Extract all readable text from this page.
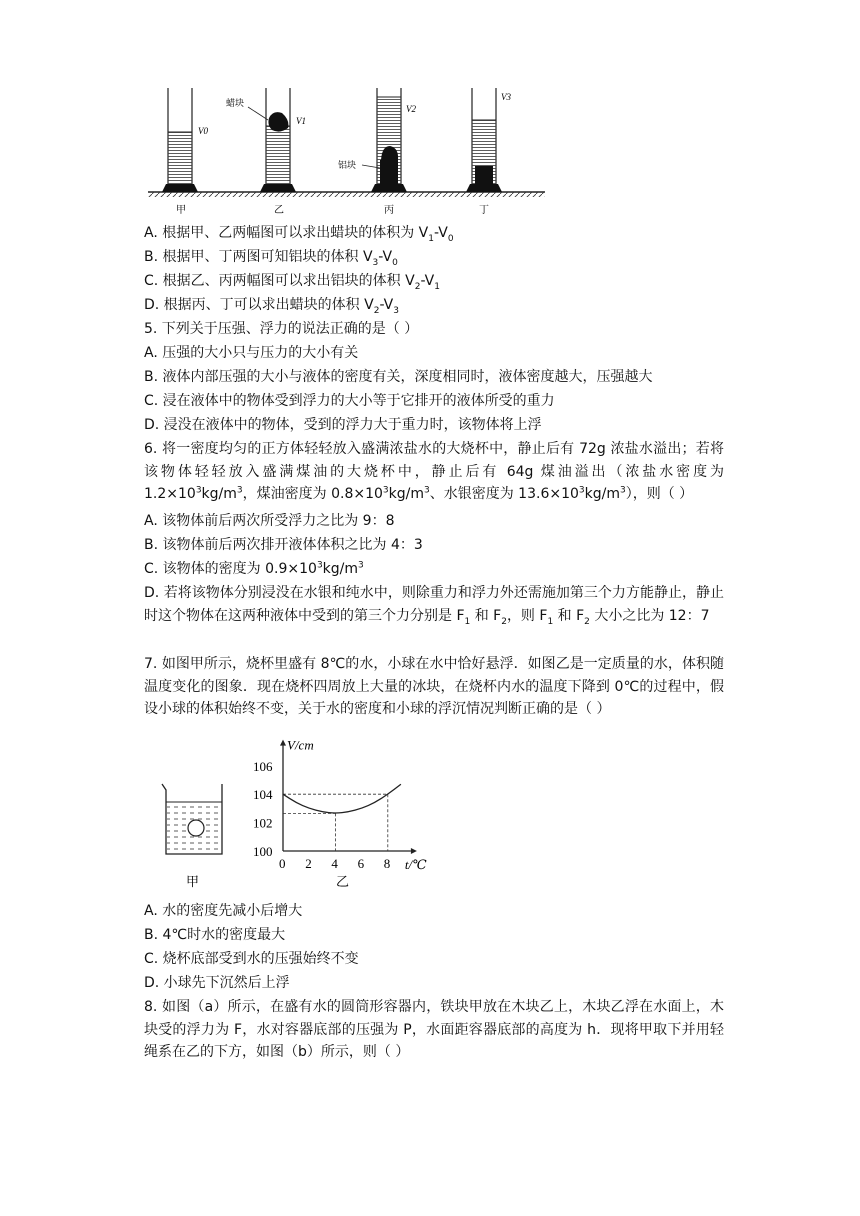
V0
蜡块
V1
铝块
V2
V3
甲	乙	丙	丁
A. 根据甲、乙两幅图可以求出蜡块的体积为 $V_1-V_0$
B. 根据甲、丁两图可知铝块的体积 $V_3-V_0$
C. 根据乙、丙两幅图可以求出铝块的体积 $V_2-V_1$
D. 根据丙、丁可以求出蜡块的体积 $V_2-V_3$
5. 下列关于压强、浮力的说法正确的是（ ）
A. 压强的大小只与压力的大小有关
B. 液体内部压强的大小与液体的密度有关，深度相同时，液体密度越大，压强越大
C. 浸在液体中的物体受到浮力的大小等于它排开的液体所受的重力
D. 浸没在液体中的物体，受到的浮力大于重力时，该物体将上浮
6. 将一密度均匀的正方体轻轻放入盛满浓盐水的大烧杯中，静止后有 72g 浓盐水溢出；若将该物体轻轻放入盛满煤油的大烧杯中，静止后有 64g 煤油溢出（浓盐水密度为 $1.2\times 10^3kg/m^3$，煤油密度为 $0.8\times 10^3kg/m^3$、水银密度为 $13.6\times 10^3kg/m^3$），则（ ）
A. 该物体前后两次所受浮力之比为 9：8
B. 该物体前后两次排开液体体积之比为 4：3
C. 该物体的密度为 $0.9\times 10^3kg/m^3$
D. 若将该物体分别浸没在水银和纯水中，则除重力和浮力外还需施加第三个力方能静止，静止时这个物体在这两种液体中受到的第三个力分别是 $F_1$ 和 $F_2$，则 $F_1$ 和 $F_2$ 大小之比为 12：7
7. 如图甲所示，烧杯里盛有 8℃的水，小球在水中恰好悬浮．如图乙是一定质量的水，体积随温度变化的图象．现在烧杯四周放上大量的冰块，在烧杯内水的温度下降到 0℃的过程中，假设小球的体积始终不变，关于水的密度和小球的浮沉情况判断正确的是（ ）
甲
V/cm
t/℃
乙
0 2 4 6 8
100
102
104
106
A. 水的密度先减小后增大
B. 4℃时水的密度最大
C. 烧杯底部受到水的压强始终不变
D. 小球先下沉然后上浮
8. 如图（a）所示，在盛有水的圆筒形容器内，铁块甲放在木块乙上，木块乙浮在水面上，木块受的浮力为 F，水对容器底部的压强为 P，水面距容器底部的高度为 h．现将甲取下并用轻绳系在乙的下方，如图（b）所示，则（ ）
